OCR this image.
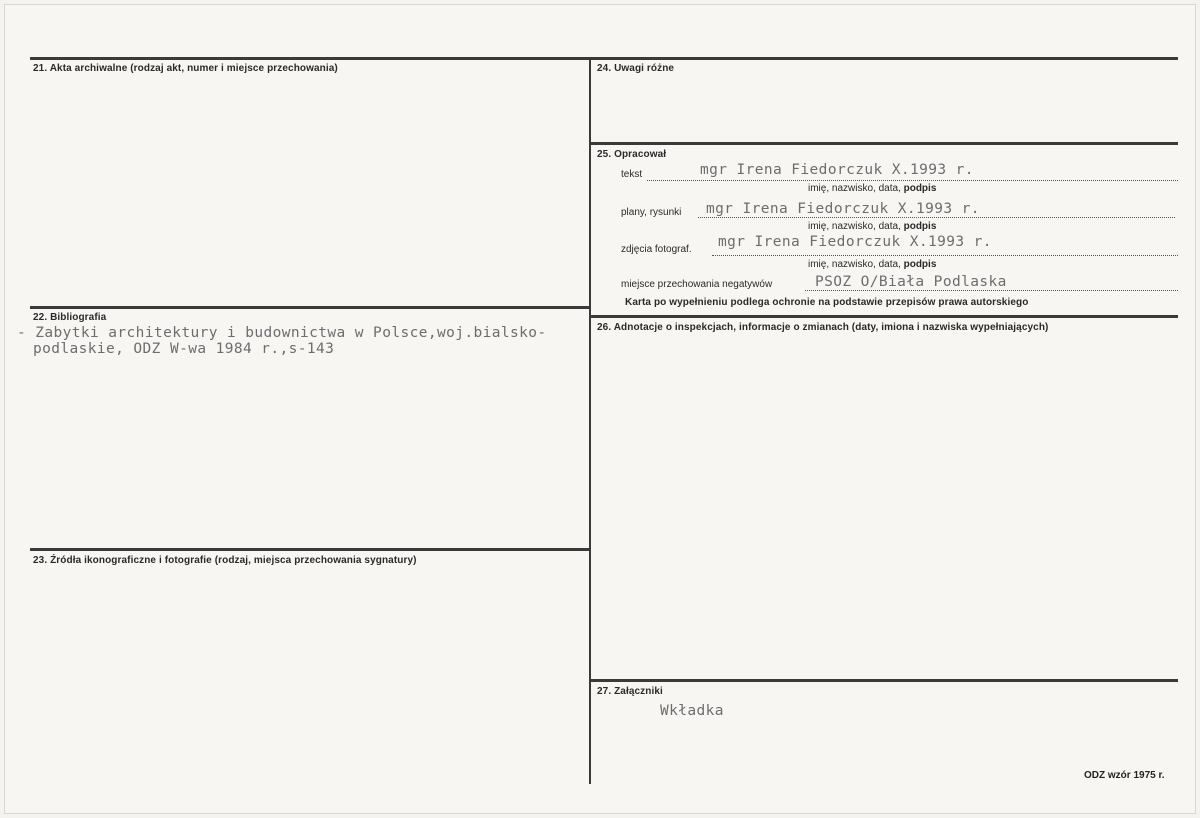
21. Akta archiwalne (rodzaj akt, numer i miejsce przechowania)
22. Bibliografia
- Zabytki architektury i budownictwa w Polsce,woj.bialsko-
podlaskie, ODZ W-wa 1984 r.,s-143
23. Źródła ikonograficzne i fotografie (rodzaj, miejsca przechowania sygnatury)
24. Uwagi różne
25. Opracował
tekst	mgr Irena Fiedorczuk X.1993 r.
imię, nazwisko, data, podpis
plany, rysunki mgr Irena Fiedorczuk X.1993 r.
imię, nazwisko, data, podpis
zdjęcia fotograf. mgr Irena Fiedorczuk X.1993 r.
imię, nazwisko, data, podpis
miejsce przechowania negatywów	PSOZ O/Biała Podlaska
Karta po wypełnieniu podlega ochronie na podstawie przepisów prawa autorskiego
26. Adnotacje o inspekcjach, informacje o zmianach (daty, imiona i nazwiska wypełniających)
27. Załączniki
Wkładka
ODZ wzór 1975 r.
